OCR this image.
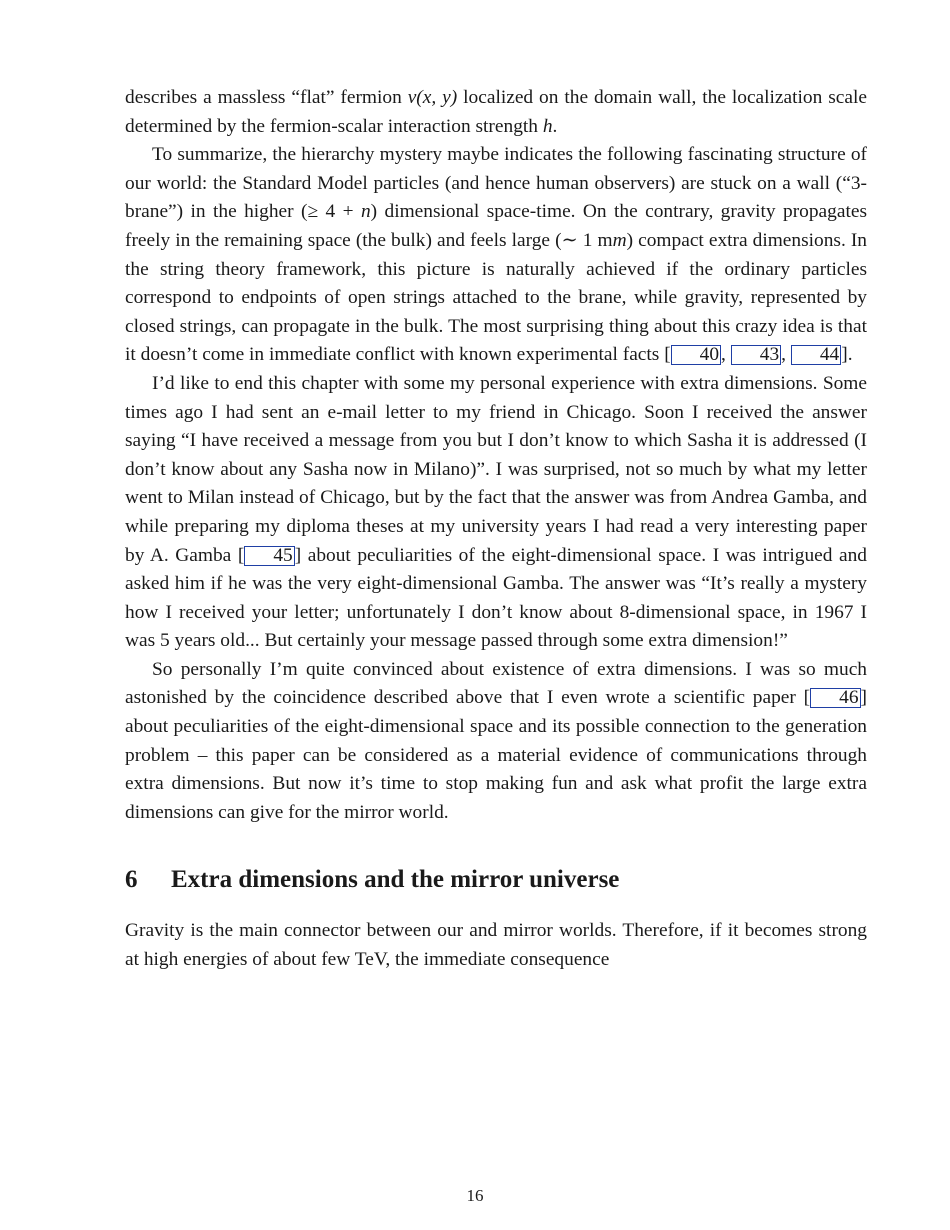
describes a massless “flat” fermion ν(x, y) localized on the domain wall, the localization scale determined by the fermion-scalar interaction strength h.

To summarize, the hierarchy mystery maybe indicates the following fascinating structure of our world: the Standard Model particles (and hence human observers) are stuck on a wall (“3-brane”) in the higher (≥ 4 + n) dimensional space-time. On the contrary, gravity propagates freely in the remaining space (the bulk) and feels large (∼ 1 mm) compact extra dimensions. In the string theory framework, this picture is naturally achieved if the ordinary particles correspond to endpoints of open strings attached to the brane, while gravity, represented by closed strings, can propagate in the bulk. The most surprising thing about this crazy idea is that it doesn’t come in immediate conflict with known experimental facts [ 40 , 43 , 44 ].

I’d like to end this chapter with some my personal experience with extra dimensions. Some times ago I had sent an e-mail letter to my friend in Chicago. Soon I received the answer saying “I have received a message from you but I don’t know to which Sasha it is addressed (I don’t know about any Sasha now in Milano)”. I was surprised, not so much by what my letter went to Milan instead of Chicago, but by the fact that the answer was from Andrea Gamba, and while preparing my diploma theses at my university years I had read a very interesting paper by A. Gamba [ 45 ] about peculiarities of the eight-dimensional space. I was intrigued and asked him if he was the very eight-dimensional Gamba. The answer was “It’s really a mystery how I received your letter; unfortunately I don’t know about 8-dimensional space, in 1967 I was 5 years old... But certainly your message passed through some extra dimension!”

So personally I’m quite convinced about existence of extra dimensions. I was so much astonished by the coincidence described above that I even wrote a scientific paper [ 46 ] about peculiarities of the eight-dimensional space and its possible connection to the generation problem – this paper can be considered as a material evidence of communications through extra dimensions. But now it’s time to stop making fun and ask what profit the large extra dimensions can give for the mirror world.

6 Extra dimensions and the mirror universe

Gravity is the main connector between our and mirror worlds. Therefore, if it becomes strong at high energies of about few TeV, the immediate consequence

16
